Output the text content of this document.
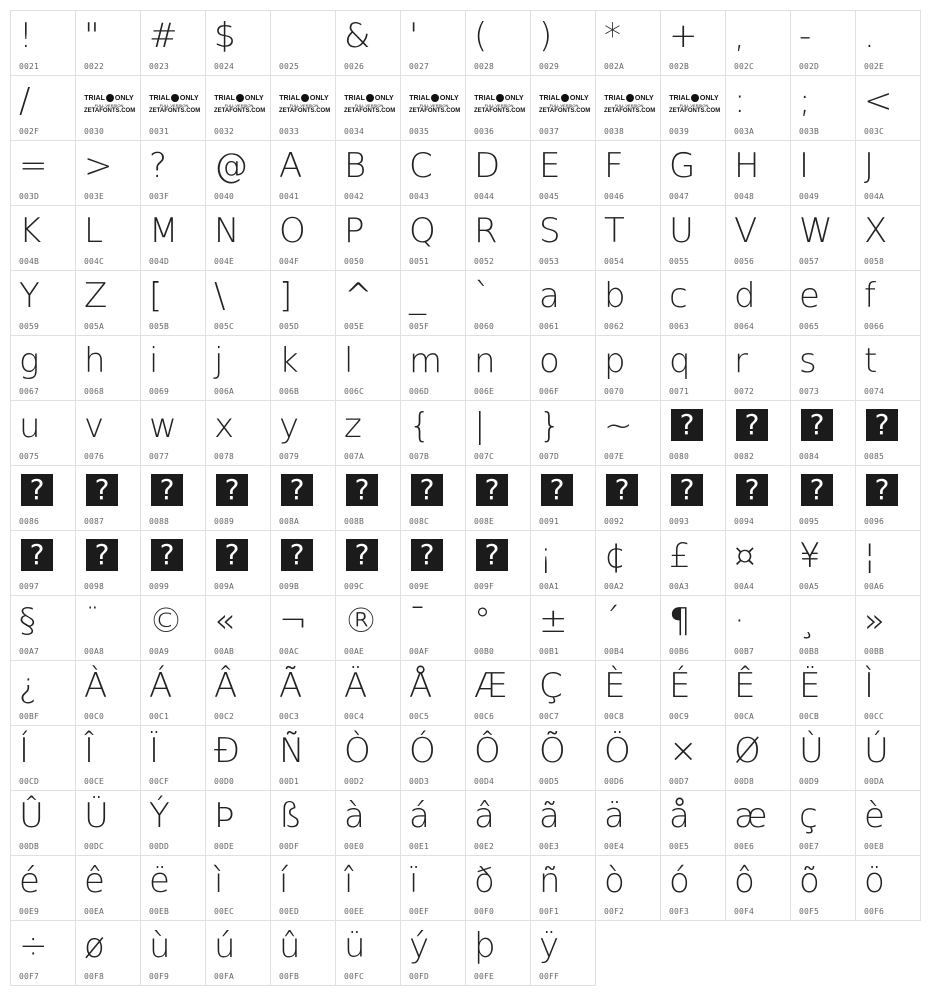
!
0021
"
0022
#
0023
$
0024	0025
&
0026
'
0027
(
0028
)
0029
*
002A
+
002B
,
002C
-
002D
.
002E
/
002F
TRIAL ONLY
FULL VERSION
ZETAFONTS.COM
0030
TRIAL ONLY
FULL VERSION
ZETAFONTS.COM
0031
TRIAL ONLY
FULL VERSION
ZETAFONTS.COM
0032
TRIAL ONLY
FULL VERSION
ZETAFONTS.COM
0033
TRIAL ONLY
FULL VERSION
ZETAFONTS.COM
0034
TRIAL ONLY
FULL VERSION
ZETAFONTS.COM
0035
TRIAL ONLY
FULL VERSION
ZETAFONTS.COM
0036
TRIAL ONLY
FULL VERSION
ZETAFONTS.COM
0037
TRIAL ONLY
FULL VERSION
ZETAFONTS.COM
0038
TRIAL ONLY
FULL VERSION
ZETAFONTS.COM
0039
:
003A
;
003B
<
003C
=
003D
>
003E
?
003F
@
0040
A
0041
B
0042
C
0043
D
0044
E
0045
F
0046
G
0047
H
0048
I
0049
J
004A
K
004B
L
004C
M
004D
N
004E
O
004F
P
0050
Q
0051
R
0052
S
0053
T
0054
U
0055
V
0056
W
0057
X
0058
Y
0059
Z
005A
[
005B
\
005C
]
005D
^
005E
_
005F
`
0060
a
0061
b
0062
c
0063
d
0064
e
0065
f
0066
g
0067
h
0068
i
0069
j
006A
k
006B
l
006C
m
006D
n
006E
o
006F
p
0070
q
0071
r
0072
s
0073
t
0074
u
0075
v
0076
w
0077
x
0078
y
0079
z
007A
{
007B
|
007C
}
007D
~
007E
?
0080
?
0082
?
0084
?
0085
?
0086
?
0087
?
0088
?
0089
?
008A
?
008B
?
008C
?
008E
?
0091
?
0092
?
0093
?
0094
?
0095
?
0096
?
0097
?
0098
?
0099
?
009A
?
009B
?
009C
?
009E
?
009F
¡
00A1
¢
00A2
£
00A3
¤
00A4
¥
00A5
¦
00A6
§
00A7
¨
00A8
©
00A9
«
00AB
¬
00AC
®
00AE
¯
00AF
°
00B0
±
00B1
´
00B4
¶
00B6
·
00B7
¸
00B8
»
00BB
¿
00BF
À
00C0
Á
00C1
Â
00C2
Ã
00C3
Ä
00C4
Å
00C5
Æ
00C6
Ç
00C7
È
00C8
É
00C9
Ê
00CA
Ë
00CB
Ì
00CC
Í
00CD
Î
00CE
Ï
00CF
Ð
00D0
Ñ
00D1
Ò
00D2
Ó
00D3
Ô
00D4
Õ
00D5
Ö
00D6
×
00D7
Ø
00D8
Ù
00D9
Ú
00DA
Û
00DB
Ü
00DC
Ý
00DD
Þ
00DE
ß
00DF
à
00E0
á
00E1
â
00E2
ã
00E3
ä
00E4
å
00E5
æ
00E6
ç
00E7
è
00E8
é
00E9
ê
00EA
ë
00EB
ì
00EC
í
00ED
î
00EE
ï
00EF
ð
00F0
ñ
00F1
ò
00F2
ó
00F3
ô
00F4
õ
00F5
ö
00F6
÷
00F7
ø
00F8
ù
00F9
ú
00FA
û
00FB
ü
00FC
ý
00FD
þ
00FE
ÿ
00FF
